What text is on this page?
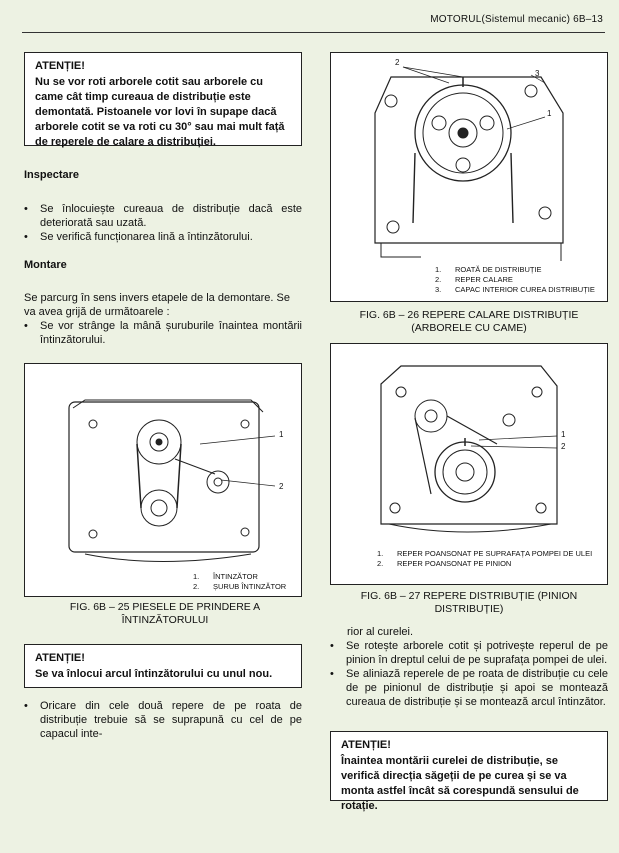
MOTORUL(Sistemul mecanic) 6B–13
ATENȚIE!
Nu se vor roti arborele cotit sau arborele cu came cât timp cureaua de distribuție este demontată. Pistoanele vor lovi în supape dacă arborele cotit se va roti cu 30° sau mai mult față de reperele de calare a distribuției.
Inspectare
• Se înlocuiește cureaua de distribuție dacă este deteriorată sau uzată.
• Se verifică funcționarea lină a întinzătorului.
Montare
Se parcurg în sens invers etapele de la demontare. Se va avea grijă de următoarele :
• Se vor strânge la mână șuruburile înaintea montării întinzătorului.
1
2
1. ÎNTINZĂTOR
2. ȘURUB ÎNTINZĂTOR
FIG. 6B – 25 PIESELE DE PRINDERE A ÎNTINZĂTORULUI
ATENȚIE!
Se va înlocui arcul întinzătorului cu unul nou.
• Oricare din cele două repere de pe roata de distribuție trebuie să se suprapună cu cel de pe capacul inte-
2
3
1
1. ROATĂ DE DISTRIBUȚIE
2. REPER CALARE
3. CAPAC INTERIOR CUREA DISTRIBUȚIE
FIG. 6B – 26 REPERE CALARE DISTRIBUȚIE (ARBORELE CU CAME)
1
2
1. REPER POANSONAT PE SUPRAFAȚA POMPEI DE ULEI
2. REPER POANSONAT PE PINION
FIG. 6B – 27 REPERE DISTRIBUȚIE (PINION DISTRIBUȚIE)
rior al curelei.
• Se rotește arborele cotit și potrivește reperul de pe pinion în dreptul celui de pe suprafața pompei de ulei.
• Se aliniază reperele de pe roata de distribuție cu cele de pe pinionul de distribuție și apoi se montează cureaua de distribuție și se montează arcul întinzător.
ATENȚIE!
Înaintea montării curelei de distribuție, se verifică direcția săgeții de pe curea și se va monta astfel încât să corespundă sensului de rotație.
